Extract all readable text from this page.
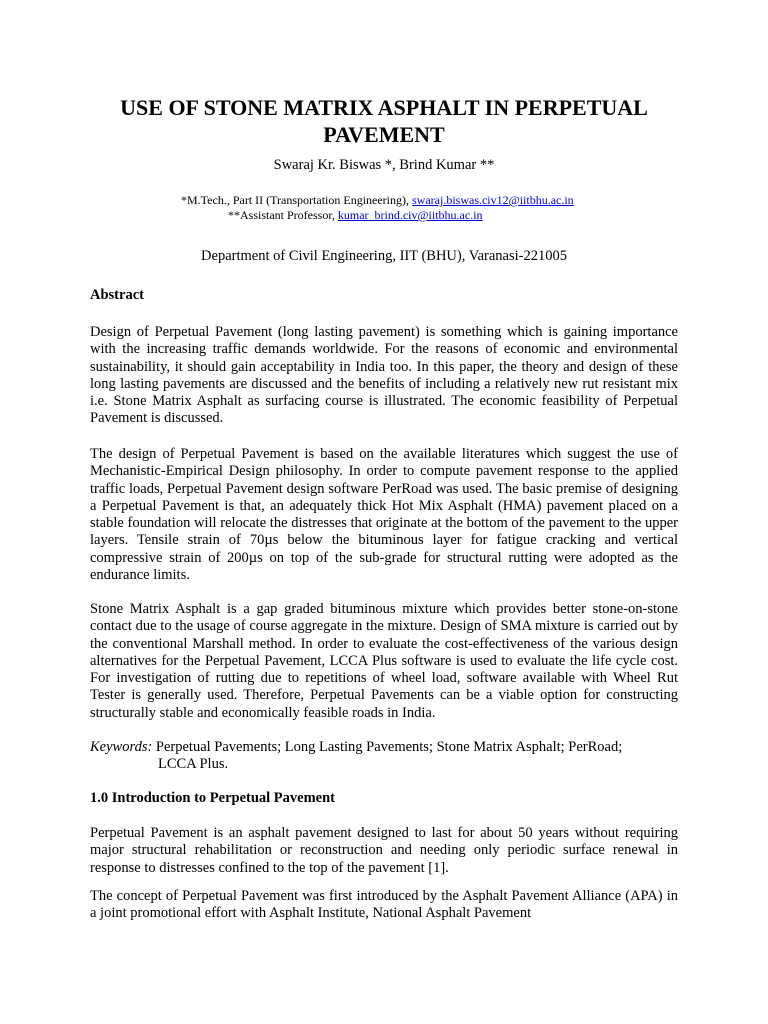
USE OF STONE MATRIX ASPHALT IN PERPETUAL PAVEMENT
Swaraj Kr. Biswas *, Brind Kumar **
*M.Tech., Part II (Transportation Engineering), swaraj.biswas.civ12@iitbhu.ac.in
**Assistant Professor, kumar_brind.civ@iitbhu.ac.in
Department of Civil Engineering, IIT (BHU), Varanasi-221005
Abstract

Design of Perpetual Pavement (long lasting pavement) is something which is gaining importance with the increasing traffic demands worldwide. For the reasons of economic and environmental sustainability, it should gain acceptability in India too. In this paper, the theory and design of these long lasting pavements are discussed and the benefits of including a relatively new rut resistant mix i.e. Stone Matrix Asphalt as surfacing course is illustrated. The economic feasibility of Perpetual Pavement is discussed.

The design of Perpetual Pavement is based on the available literatures which suggest the use of Mechanistic-Empirical Design philosophy. In order to compute pavement response to the applied traffic loads, Perpetual Pavement design software PerRoad was used. The basic premise of designing a Perpetual Pavement is that, an adequately thick Hot Mix Asphalt (HMA) pavement placed on a stable foundation will relocate the distresses that originate at the bottom of the pavement to the upper layers. Tensile strain of 70µs below the bituminous layer for fatigue cracking and vertical compressive strain of 200µs on top of the sub-grade for structural rutting were adopted as the endurance limits.

Stone Matrix Asphalt is a gap graded bituminous mixture which provides better stone-on-stone contact due to the usage of course aggregate in the mixture. Design of SMA mixture is carried out by the conventional Marshall method. In order to evaluate the cost-effectiveness of the various design alternatives for the Perpetual Pavement, LCCA Plus software is used to evaluate the life cycle cost. For investigation of rutting due to repetitions of wheel load, software available with Wheel Rut Tester is generally used. Therefore, Perpetual Pavements can be a viable option for constructing structurally stable and economically feasible roads in India.

Keywords: Perpetual Pavements; Long Lasting Pavements; Stone Matrix Asphalt; PerRoad;
LCCA Plus.
1.0 Introduction to Perpetual Pavement

Perpetual Pavement is an asphalt pavement designed to last for about 50 years without requiring major structural rehabilitation or reconstruction and needing only periodic surface renewal in response to distresses confined to the top of the pavement [1].

The concept of Perpetual Pavement was first introduced by the Asphalt Pavement Alliance (APA) in a joint promotional effort with Asphalt Institute, National Asphalt Pavement
